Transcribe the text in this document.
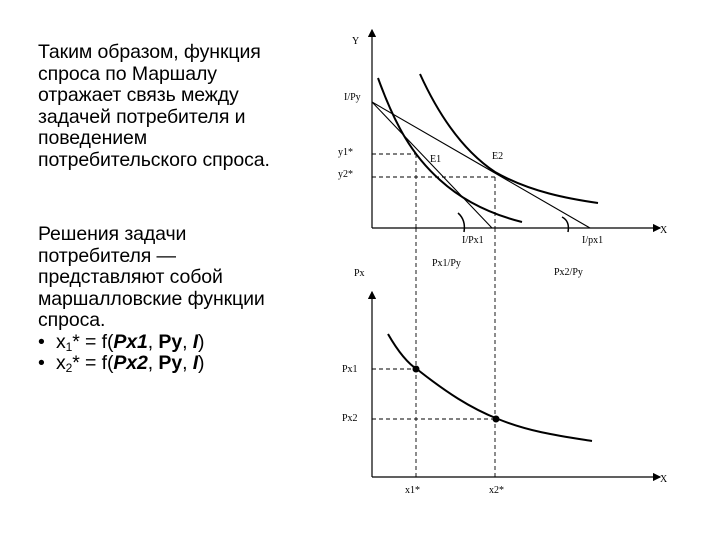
Таким образом, функция
спроса по Маршалу
отражает связь между
задачей потребителя и
поведением
потребительского спроса.
Решения задачи
потребителя —
представляют собой
маршалловские функции
спроса.
• $x_1* = f(Px1$, Py, I)
• $x_2* = f(Px2$, Py, I)
Y
X
I/Py
y1*
y2*
E1	E2
I/Px1	I/px1
Px1/Py
Px2/Py
Px
X
Px1
Px2
x1*	x2*
